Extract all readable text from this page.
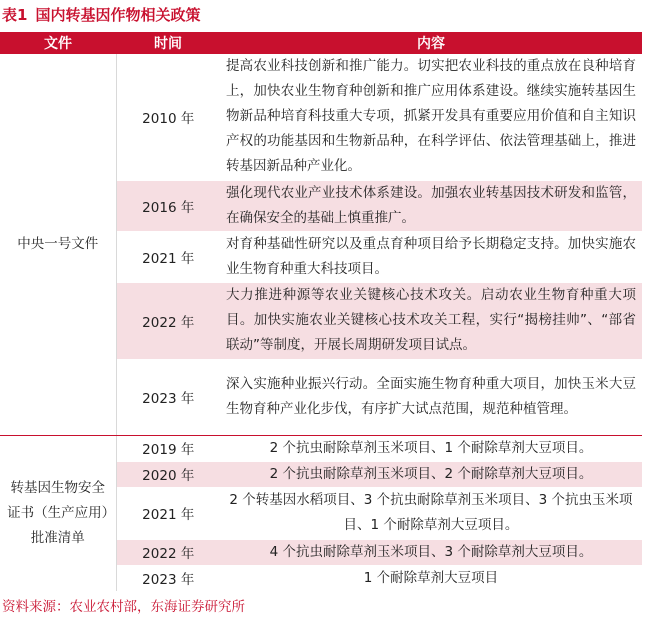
表1 国内转基因作物相关政策
文件	时间	内容
中央一号文件	2010 年	提高农业科技创新和推广能力。切实把农业科技的重点放在良种培育上，加快农业生物育种创新和推广应用体系建设。继续实施转基因生物新品种培育科技重大专项，抓紧开发具有重要应用价值和自主知识产权的功能基因和生物新品种，在科学评估、依法管理基础上，推进转基因新品种产业化。
	2016 年	强化现代农业产业技术体系建设。加强农业转基因技术研发和监管，在确保安全的基础上慎重推广。
	2021 年	对育种基础性研究以及重点育种项目给予长期稳定支持。加快实施农业生物育种重大科技项目。
	2022 年	大力推进种源等农业关键核心技术攻关。启动农业生物育种重大项目。加快实施农业关键核心技术攻关工程，实行“揭榜挂帅”、“部省联动”等制度，开展长周期研发项目试点。
	2023 年	深入实施种业振兴行动。全面实施生物育种重大项目，加快玉米大豆生物育种产业化步伐，有序扩大试点范围，规范种植管理。
转基因生物安全证书（生产应用）批准清单	2019 年	2 个抗虫耐除草剂玉米项目、1 个耐除草剂大豆项目。
	2020 年	2 个抗虫耐除草剂玉米项目、2 个耐除草剂大豆项目。
	2021 年	2 个转基因水稻项目、3 个抗虫耐除草剂玉米项目、3 个抗虫玉米项目、1 个耐除草剂大豆项目。
	2022 年	4 个抗虫耐除草剂玉米项目、3 个耐除草剂大豆项目。
	2023 年	1 个耐除草剂大豆项目
资料来源：农业农村部，东海证券研究所
